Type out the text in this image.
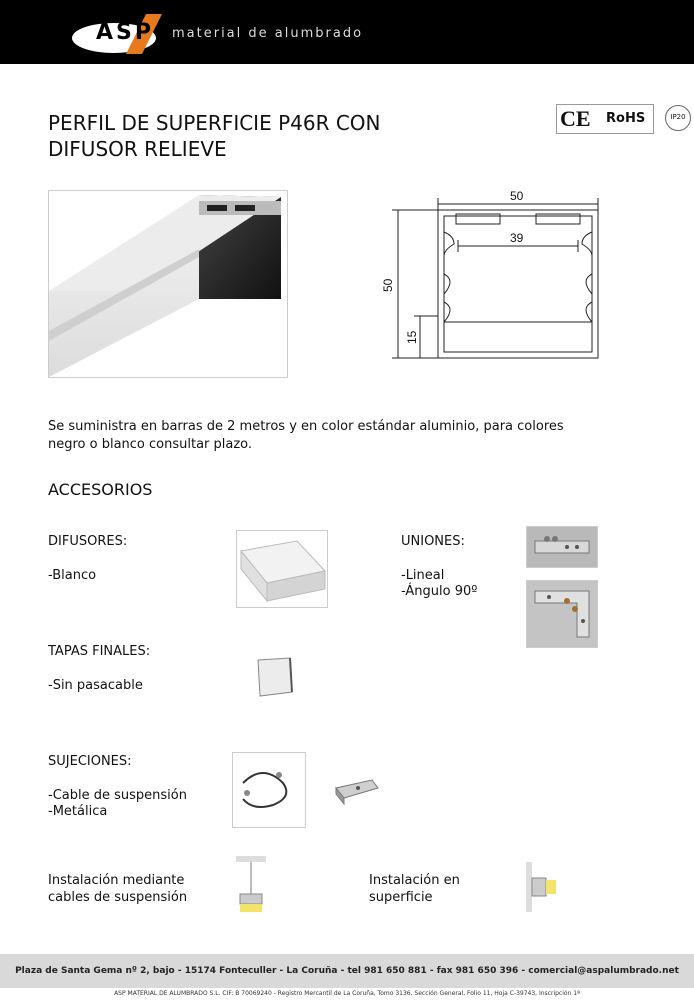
ASP material de alumbrado
PERFIL DE SUPERFICIE P46R CON
DIFUSOR RELIEVE
CE RoHS	IP20
50
39
50
15
Se suministra en barras de 2 metros y en color estándar aluminio, para colores
negro o blanco consultar plazo.
ACCESORIOS
DIFUSORES:
-Blanco
UNIONES:
-Lineal
-Ángulo 90º
TAPAS FINALES:
-Sin pasacable
SUJECIONES:
-Cable de suspensión
-Metálica
Instalación mediante
cables de suspensión
Instalación en
superficie
Plaza de Santa Gema nº 2, bajo - 15174 Fonteculler - La Coruña - tel 981 650 881 - fax 981 650 396 - comercial@aspalumbrado.net
ASP MATERIAL DE ALUMBRADO S.L. CIF: B 70069240 - Registro Mercantil de La Coruña, Tomo 3136, Sección General, Folio 11, Hoja C-39743, Inscripción 1ª
